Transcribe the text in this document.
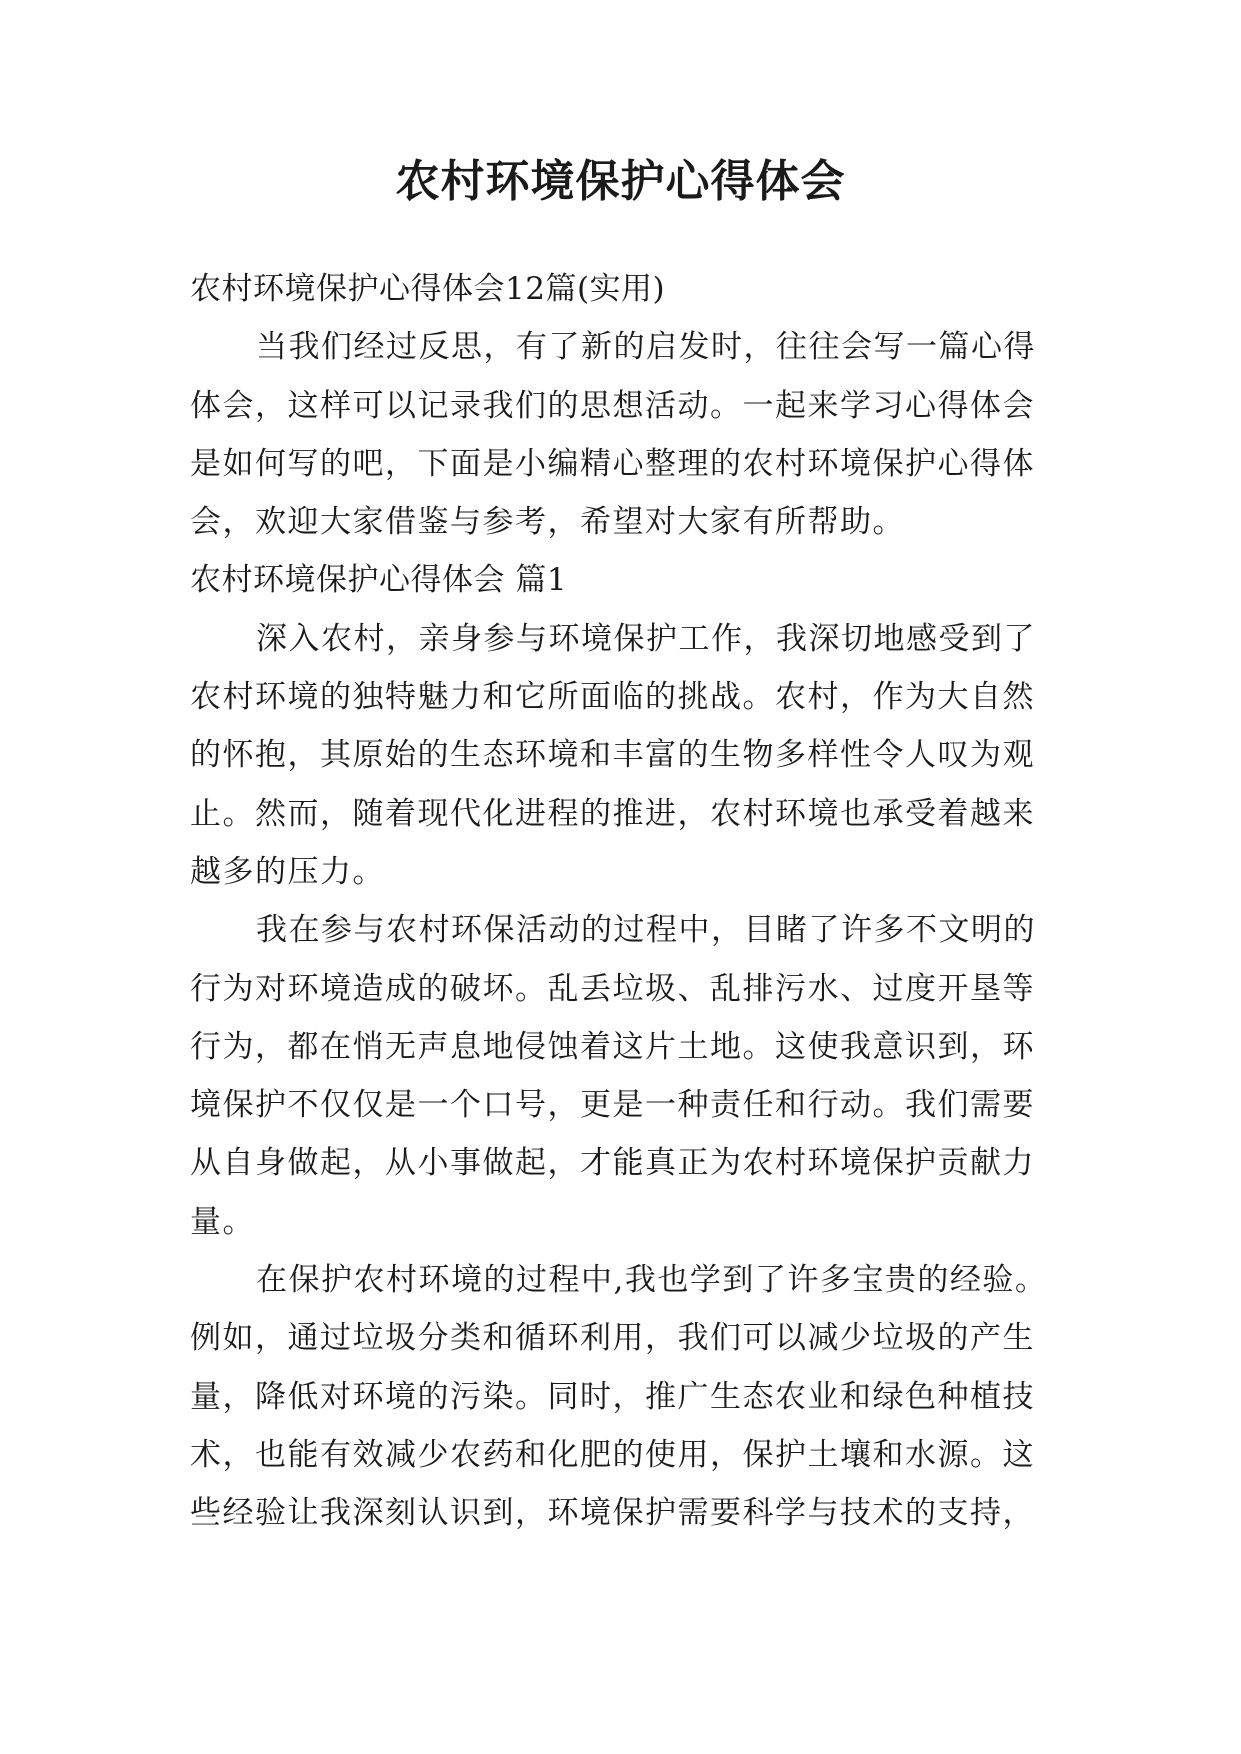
农村环境保护心得体会
农村环境保护心得体会12篇(实用)
当我们经过反思，有了新的启发时，往往会写一篇心得
体会，这样可以记录我们的思想活动。一起来学习心得体会
是如何写的吧，下面是小编精心整理的农村环境保护心得体
会，欢迎大家借鉴与参考，希望对大家有所帮助。
农村环境保护心得体会 篇1
深入农村，亲身参与环境保护工作，我深切地感受到了
农村环境的独特魅力和它所面临的挑战。农村，作为大自然
的怀抱，其原始的生态环境和丰富的生物多样性令人叹为观
止。然而，随着现代化进程的推进，农村环境也承受着越来
越多的压力。
我在参与农村环保活动的过程中，目睹了许多不文明的
行为对环境造成的破坏。乱丢垃圾、乱排污水、过度开垦等
行为，都在悄无声息地侵蚀着这片土地。这使我意识到，环
境保护不仅仅是一个口号，更是一种责任和行动。我们需要
从自身做起，从小事做起，才能真正为农村环境保护贡献力
量。
在保护农村环境的过程中,我也学到了许多宝贵的经验。
例如，通过垃圾分类和循环利用，我们可以减少垃圾的产生
量，降低对环境的污染。同时，推广生态农业和绿色种植技
术，也能有效减少农药和化肥的使用，保护土壤和水源。这
些经验让我深刻认识到，环境保护需要科学与技术的支持，
